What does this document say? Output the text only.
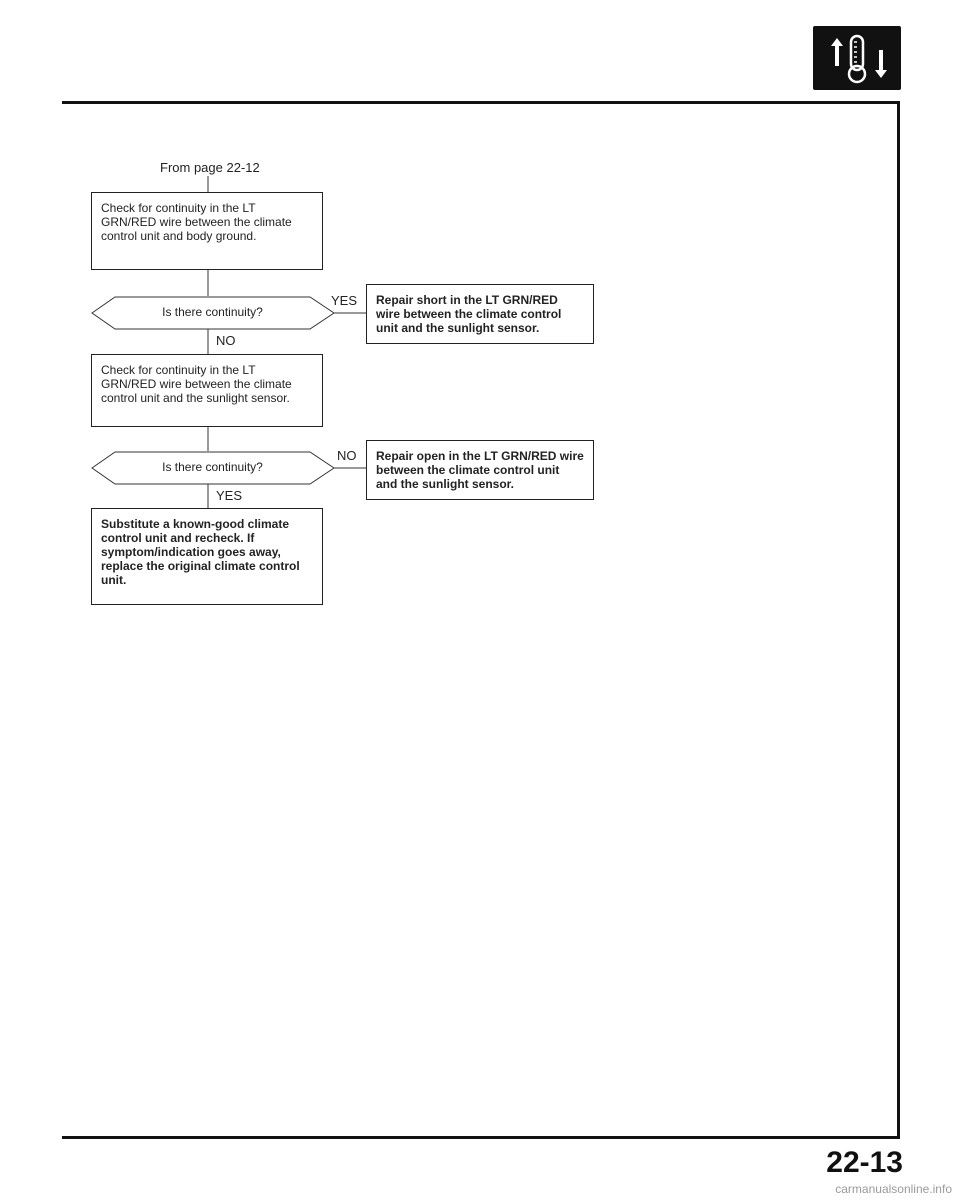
From page 22-12

Check for continuity in the LT GRN/RED wire between the climate control unit and body ground.

Is there continuity?
YES
NO

Repair short in the LT GRN/RED wire between the climate control unit and the sunlight sensor.

Check for continuity in the LT GRN/RED wire between the climate control unit and the sunlight sensor.

Is there continuity?
NO
YES

Repair open in the LT GRN/RED wire between the climate control unit and the sunlight sensor.

Substitute a known-good climate control unit and recheck. If symptom/indication goes away, replace the original climate control unit.

22-13
carmanualsonline.info
